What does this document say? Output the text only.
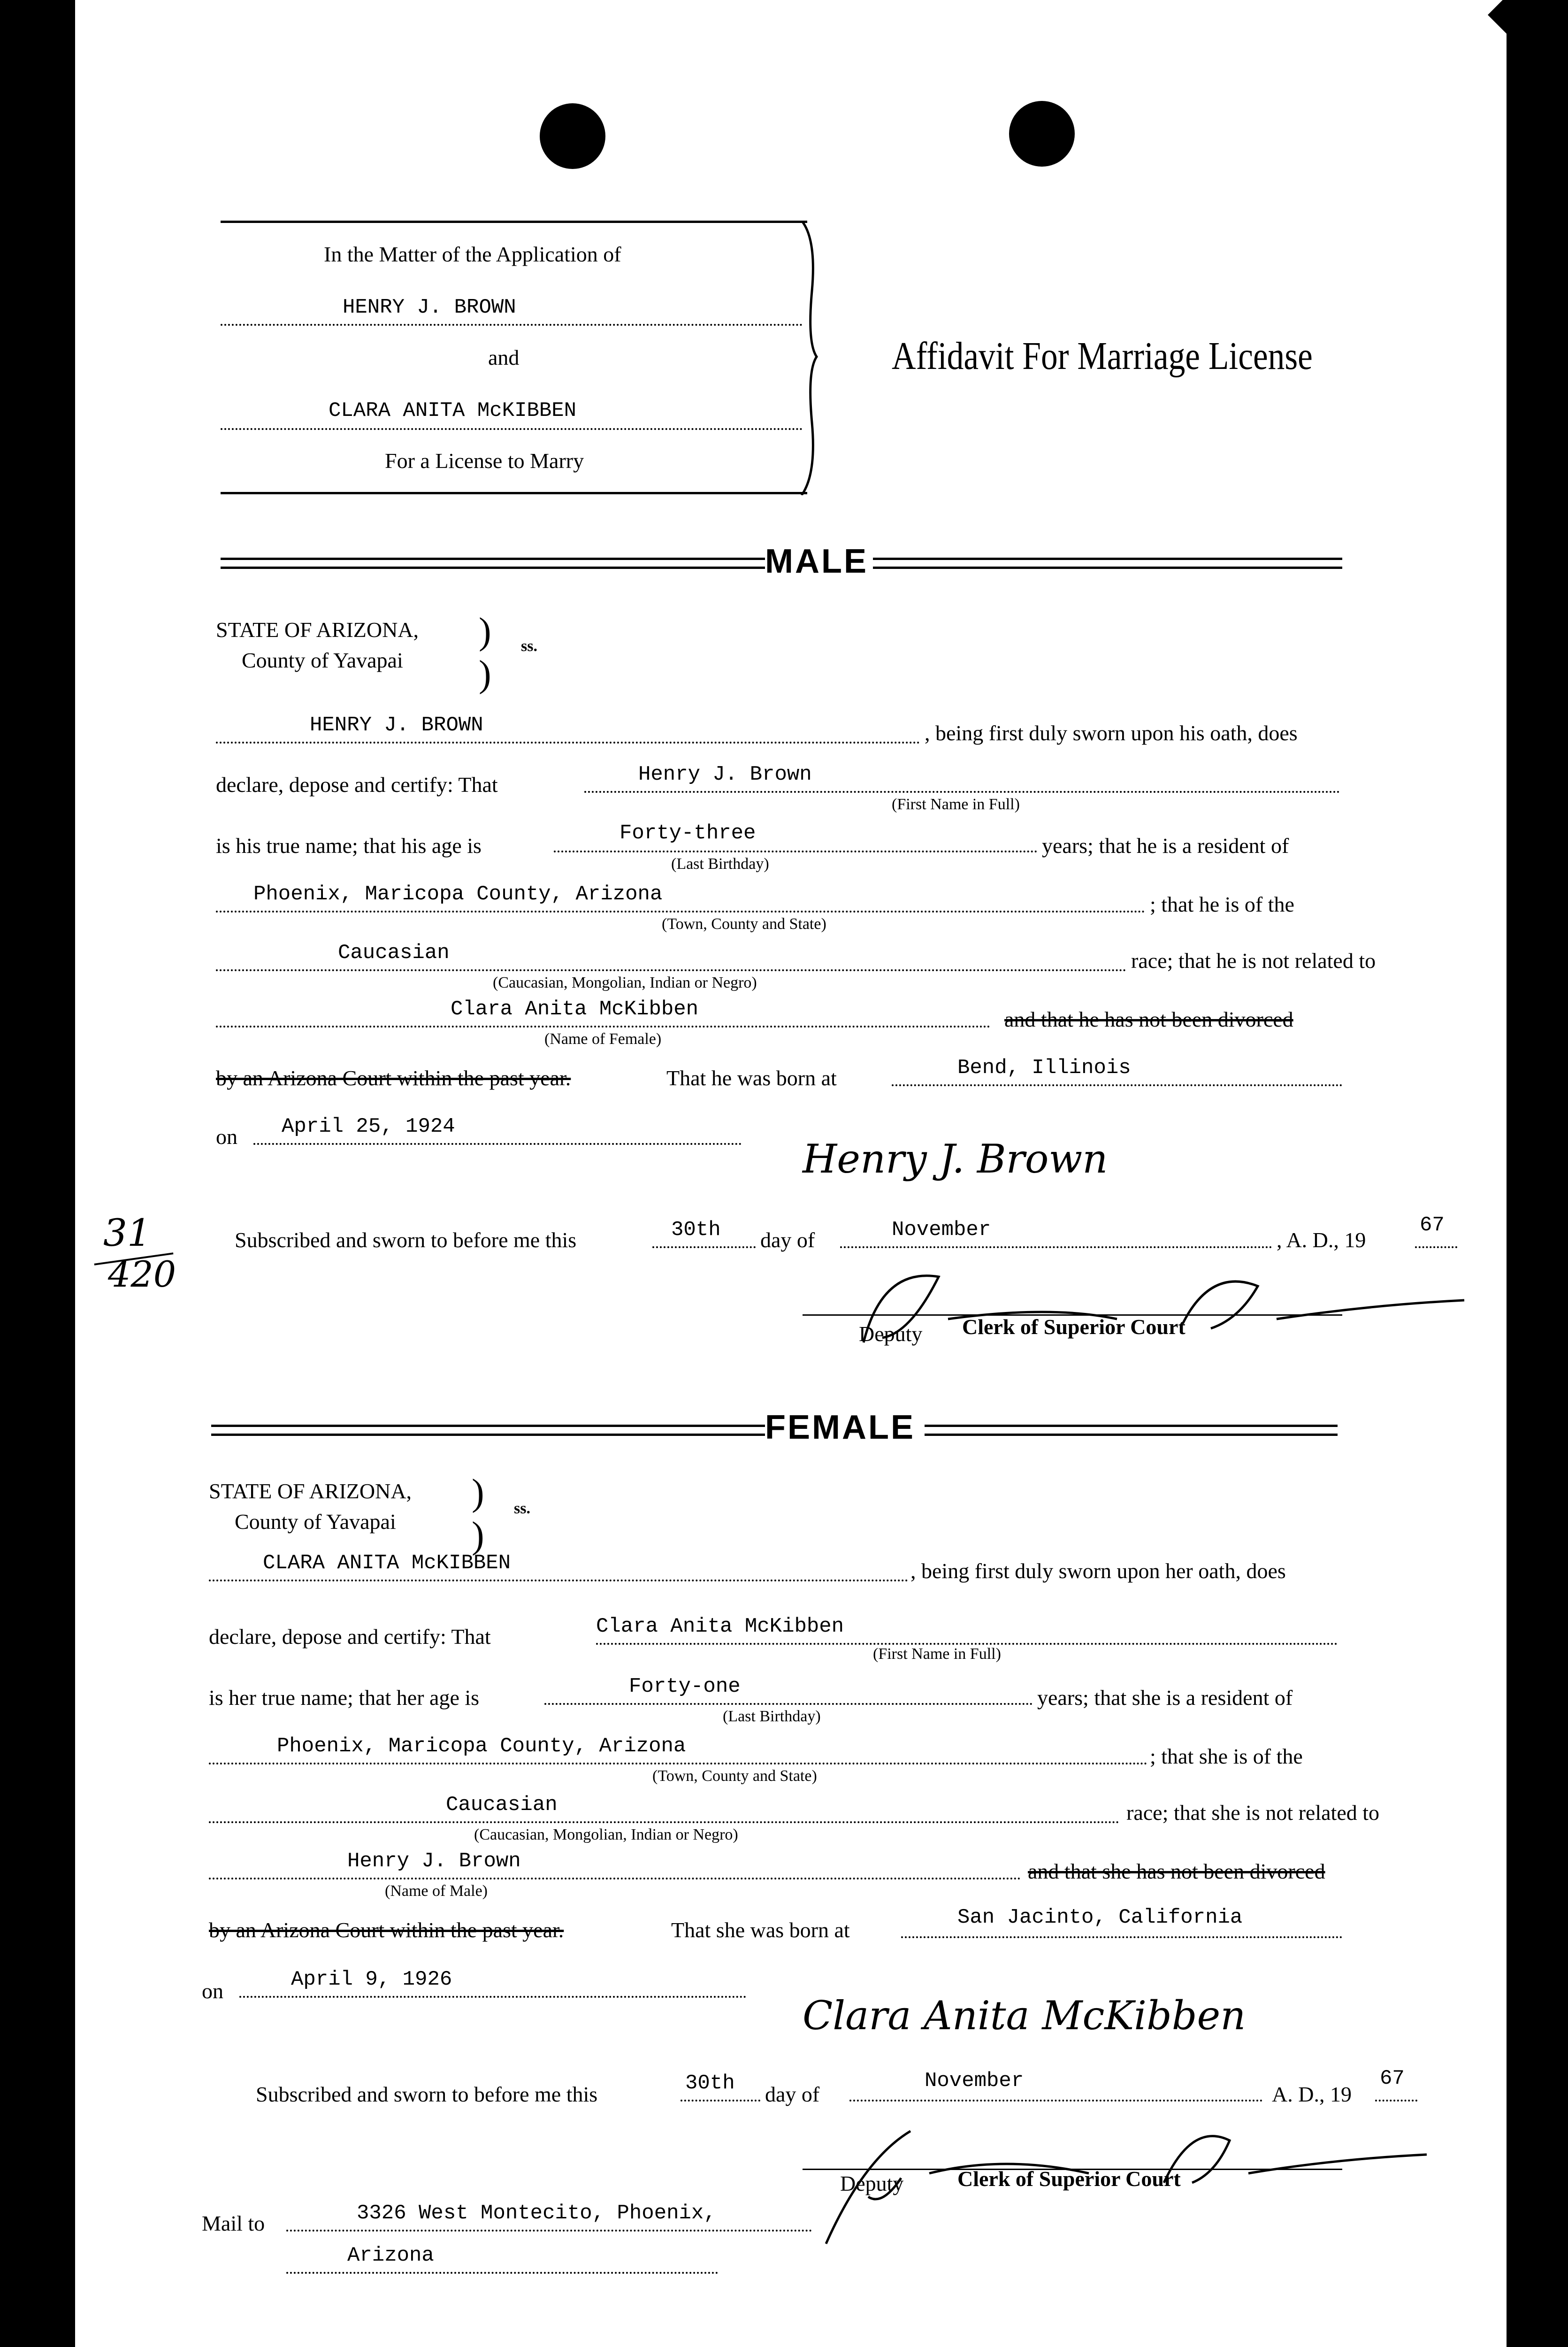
In the Matter of the Application of
HENRY J. BROWN
and
CLARA ANITA McKIBBEN
For a License to Marry
Affidavit For Marriage License
MALE
STATE OF ARIZONA,
County of Yavapai
)
)
ss.
HENRY J. BROWN	, being first duly sworn upon his oath, does
declare, depose and certify: That	Henry J. Brown
(First Name in Full)
is his true name; that his age is
Forty-three
years; that he is a resident of
(Last Birthday)
Phoenix, Maricopa County, Arizona	; that he is of the
(Town, County and State)
Caucasian	race; that he is not related to
(Caucasian, Mongolian, Indian or Negro)
Clara Anita McKibben	and that he has not been divorced
(Name of Female)
by an Arizona Court within the past year.	That he was born at	Bend, Illinois
on April 25, 1924
Henry J. Brown
Subscribed and sworn to before me this	30th day of	November	, A. D., 19
67
Deputy Clerk of Superior Court
31
420
FEMALE
STATE OF ARIZONA,
County of Yavapai
)
)
ss.
CLARA ANITA McKIBBEN	, being first duly sworn upon her oath, does
declare, depose and certify: That	Clara Anita McKibben
(First Name in Full)
is her true name; that her age is	Forty-one	years; that she is a resident of
(Last Birthday)
Phoenix, Maricopa County, Arizona	; that she is of the
(Town, County and State)
Caucasian	race; that she is not related to
(Caucasian, Mongolian, Indian or Negro)
Henry J. Brown	and that she has not been divorced
(Name of Male)
by an Arizona Court within the past year.	That she was born at
San Jacinto, California
on	April 9, 1926
Clara Anita McKibben
Subscribed and sworn to before me this	30th day of
November
A. D., 19
67
Deputy Clerk of Superior Court
Mail to	3326 West Montecito, Phoenix,
Arizona
